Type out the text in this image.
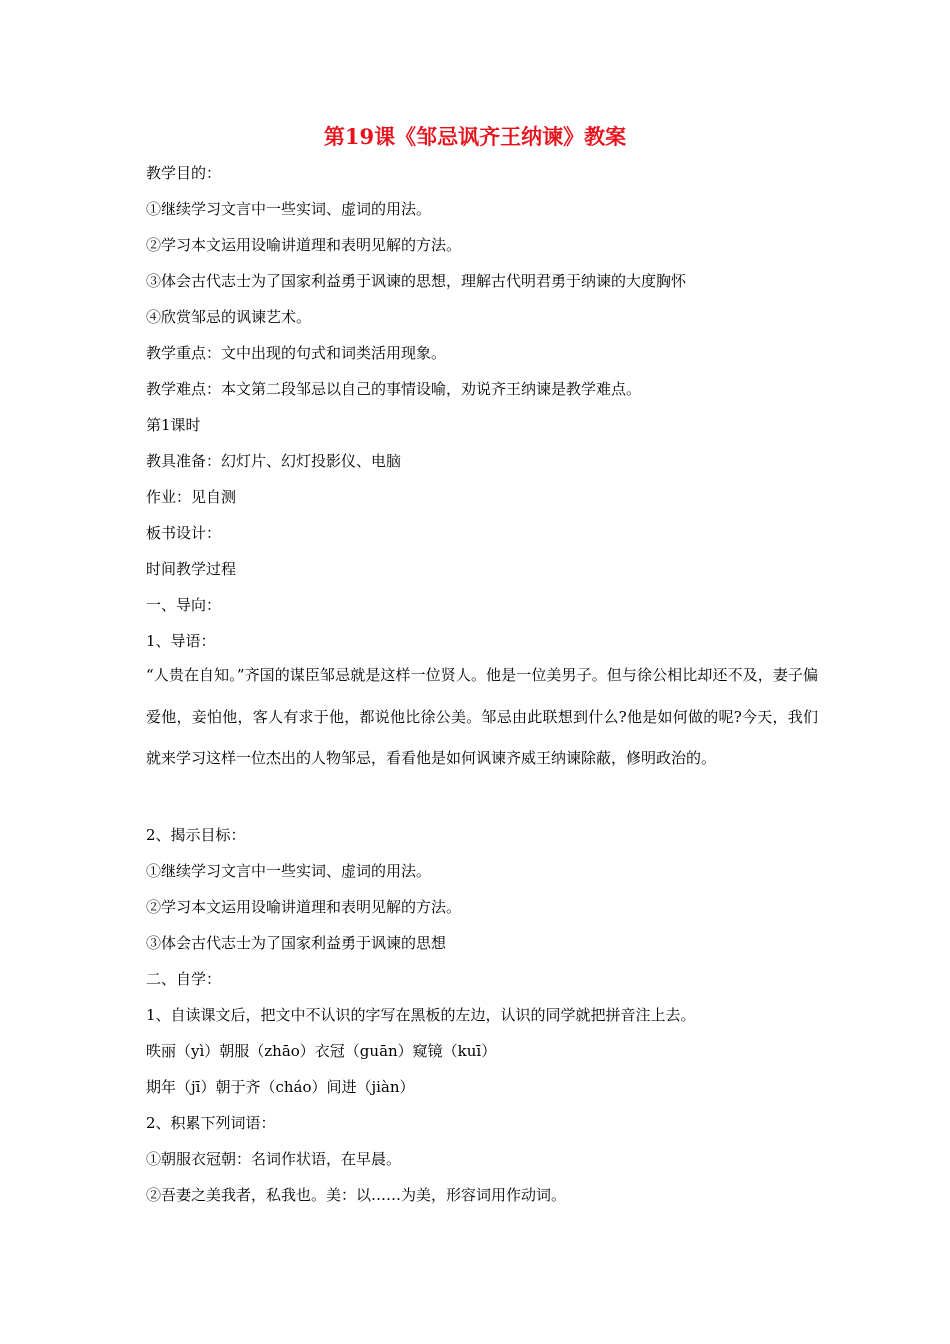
第19课《邹忌讽齐王纳谏》教案
教学目的：
①继续学习文言中一些实词、虚词的用法。
②学习本文运用设喻讲道理和表明见解的方法。
③体会古代志士为了国家利益勇于讽谏的思想，理解古代明君勇于纳谏的大度胸怀
④欣赏邹忌的讽谏艺术。
教学重点：文中出现的句式和词类活用现象。
教学难点：本文第二段邹忌以自己的事情设喻，劝说齐王纳谏是教学难点。
第1课时
教具准备：幻灯片、幻灯投影仪、电脑
作业：见自测
板书设计：
时间教学过程
一、导向：
1、导语：
“人贵在自知。”齐国的谋臣邹忌就是这样一位贤人。他是一位美男子。但与徐公相比却还不及，妻子偏爱他，妾怕他，客人有求于他，都说他比徐公美。邹忌由此联想到什么?他是如何做的呢?今天，我们就来学习这样一位杰出的人物邹忌，看看他是如何讽谏齐威王纳谏除蔽，修明政治的。
2、揭示目标：
①继续学习文言中一些实词、虚词的用法。
②学习本文运用设喻讲道理和表明见解的方法。
③体会古代志士为了国家利益勇于讽谏的思想
二、自学：
1、自读课文后，把文中不认识的字写在黑板的左边，认识的同学就把拼音注上去。
昳丽（yì）朝服（zhāo）衣冠（guān）窥镜（kuī）
期年（jī）朝于齐（cháo）间进（jiàn）
2、积累下列词语：
①朝服衣冠朝：名词作状语，在早晨。
②吾妻之美我者，私我也。美：以……为美，形容词用作动词。
